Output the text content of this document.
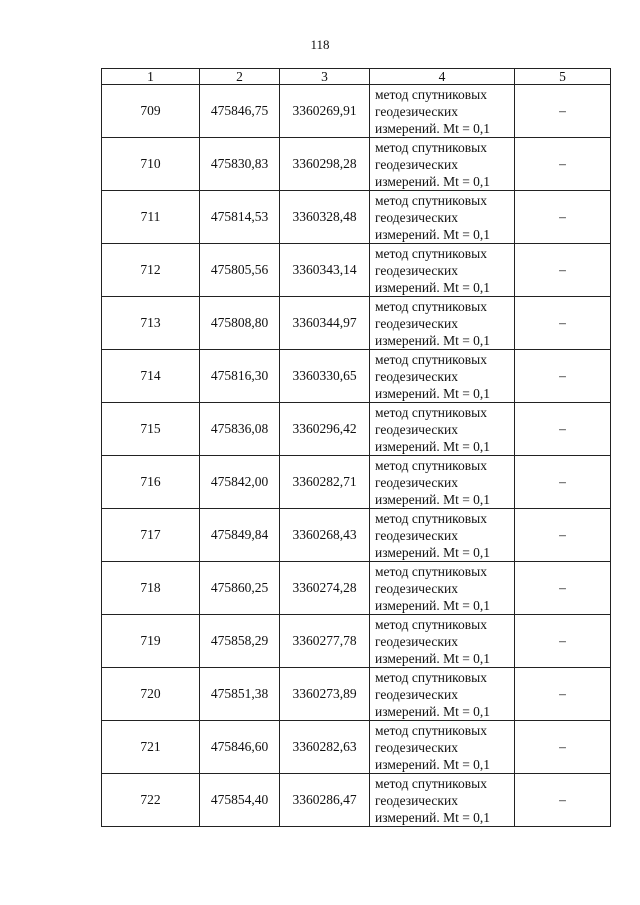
118
1	2	3	4	5
709	475846,75	3360269,91	метод спутниковых
геодезических
измерений. Mt = 0,1	–
710	475830,83	3360298,28	метод спутниковых
геодезических
измерений. Mt = 0,1	–
711	475814,53	3360328,48	метод спутниковых
геодезических
измерений. Mt = 0,1	–
712	475805,56	3360343,14	метод спутниковых
геодезических
измерений. Mt = 0,1	–
713	475808,80	3360344,97	метод спутниковых
геодезических
измерений. Mt = 0,1	–
714	475816,30	3360330,65	метод спутниковых
геодезических
измерений. Mt = 0,1	–
715	475836,08	3360296,42	метод спутниковых
геодезических
измерений. Mt = 0,1	–
716	475842,00	3360282,71	метод спутниковых
геодезических
измерений. Mt = 0,1	–
717	475849,84	3360268,43	метод спутниковых
геодезических
измерений. Mt = 0,1	–
718	475860,25	3360274,28	метод спутниковых
геодезических
измерений. Mt = 0,1	–
719	475858,29	3360277,78	метод спутниковых
геодезических
измерений. Mt = 0,1	–
720	475851,38	3360273,89	метод спутниковых
геодезических
измерений. Mt = 0,1	–
721	475846,60	3360282,63	метод спутниковых
геодезических
измерений. Mt = 0,1	–
722	475854,40	3360286,47	метод спутниковых
геодезических
измерений. Mt = 0,1	–
